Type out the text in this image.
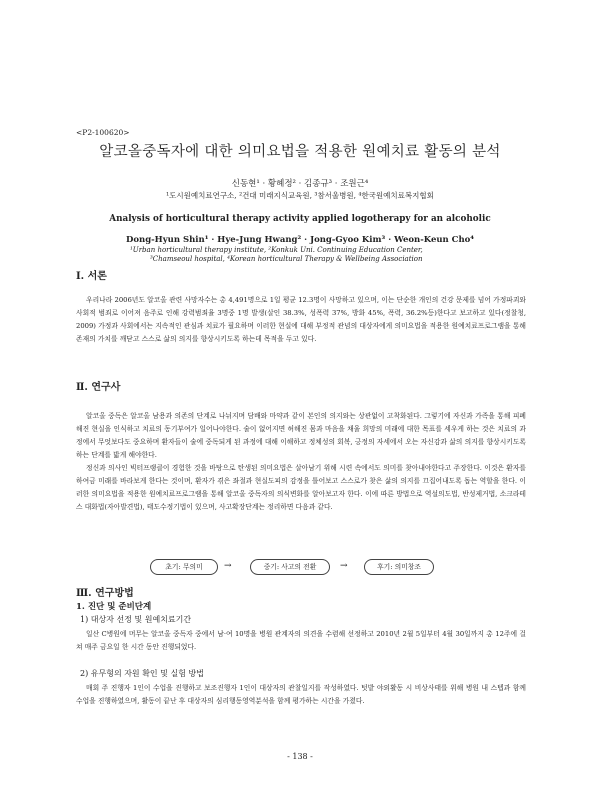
<P2-100620>
알코올중독자에 대한 의미요법을 적용한 원예치료 활동의 분석
신동현¹ · 황혜정² · 김종규³ · 조원근⁴
¹도시원예치료연구소, ²건대 미래지식교육원, ³참서울병원, ⁴한국원예치료복지협회
Analysis of horticultural therapy activity applied logotherapy for an alcoholic
Dong-Hyun Shin¹ · Hye-Jung Hwang² · Jong-Gyoo Kim³ · Weon-Keun Cho⁴
¹Urban horticultural therapy institute, ²Konkuk Uni. Continuing Education Center,
³Chamseoul hospital, ⁴Korean horticultural Therapy & Wellbeing Association
Ⅰ. 서론

우리나라 2006년도 알코올 관련 사망자수는 총 4,491명으로 1일 평균 12.3명이 사망하고 있으며, 이는 단순한 개인의 건강 문제를 넘어 가정파괴와 사회적 범죄로 이어져 음주로 인해 강력범죄율 3명중 1명 발생(살인 38.3%, 성폭력 37%, 방화 45%, 폭력, 36.2%등)한다고 보고하고 있다(정찰청, 2009) 가정과 사회에서는 지속적인 관심과 치료가 필요하며 이러한 현실에 대해 부정적 관념의 대상자에게 의미요법을 적용한 원예치료프로그램을 통해 존재의 가치를 깨닫고 스스로 삶의 의지를 향상시키도록 하는데 목적을 두고 있다.

Ⅱ. 연구사

알코올 중독은 알코올 남용과 의존의 단계로 나뉘지며 담배와 마약과 같이 본인의 의지와는 상관없이 고착화된다. 그렇기에 자신과 가족을 통해 피폐해진 현실을 인식하고 치료의 동기부여가 일어나야한다. 술이 없어지면 허해진 몸과 마음을 채울 희망의 미래에 대한 목표를 세우게 하는 것은 치료의 과정에서 무엇보다도 중요하며 환자들이 술에 중독되게 된 과정에 대해 이해하고 정체성의 회복, 긍정의 자세에서 오는 자신감과 삶의 의지를 향상시키도록 하는 단계를 밟게 해야한다.

정신과 의사인 빅터프랭클이 경험한 것을 바탕으로 탄생된 의미요법은 살아남기 위해 시련 속에서도 의미를 찾아내야한다고 주장한다. 이것은 환자를 하여금 미래를 바라보게 한다는 것이며, 환자가 겪은 좌절과 현실도피의 감정을 틀어보고 스스로가 찾은 삶의 의지를 끄집어내도록 돕는 역할을 한다. 이러한 의미요법을 적용한 원예치료프로그램을 통해 알코올 중독자의 의식변화를 알아보고자 한다. 이에 따른 방법으로 역설의도법, 반성제거법, 소크라테스 대화법(자아발견법), 태도수정기법이 있으며, 사고확장단계는 정리하면 다음과 같다.

초기: 무의미	→	중기: 사고의 전환	→	후기: 의미창조
Ⅲ. 연구방법
1. 진단 및 준비단계
1) 대상자 선정 및 원예치료기간

일산 C병원에 머무는 알코올 중독자 중에서 남·여 10명을 병원 관계자의 의견을 수렴해 선정하고 2010년 2월 5일부터 4월 30일까지 총 12주에 걸쳐 매주 금요일 한 시간 동안 진행되었다.

2) 유무형의 자원 확인 및 실험 방법

매회 주 진행자 1인이 수업을 진행하고 보조진행자 1인이 대상자의 관찰일지를 작성하였다. 텃밭 야외활동 시 비상사태를 위해 병원 내 스텝과 함께 수업을 진행하였으며, 활동이 끝난 후 대상자의 심리행동영역분석을 함께 평가하는 시간을 가졌다.

- 138 -
